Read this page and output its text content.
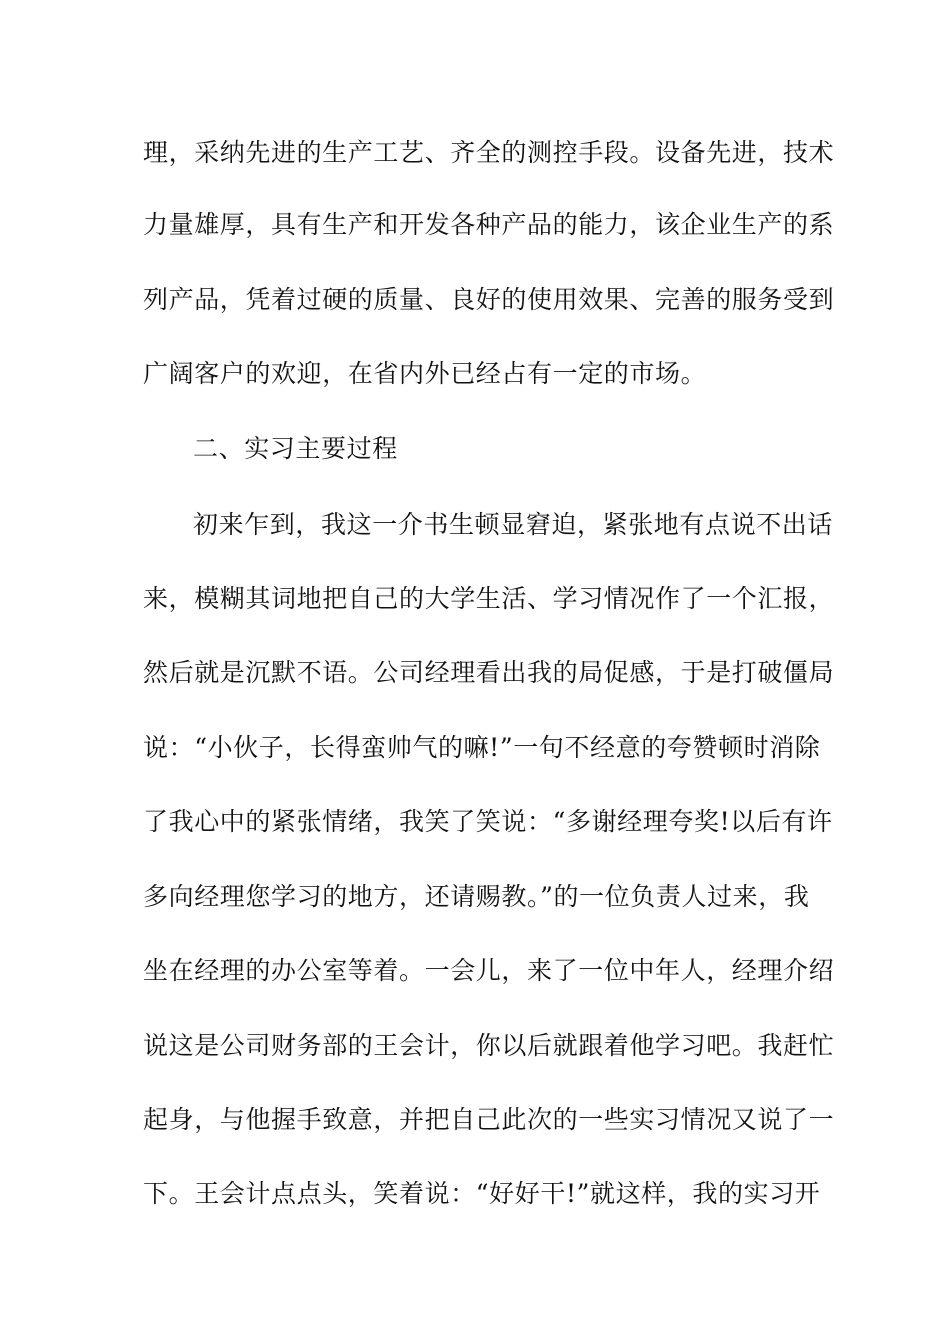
理，采纳先进的生产工艺、齐全的测控手段。设备先进，技术
力量雄厚，具有生产和开发各种产品的能力，该企业生产的系
列产品，凭着过硬的质量、良好的使用效果、完善的服务受到
广阔客户的欢迎，在省内外已经占有一定的市场。
二、实习主要过程
初来乍到，我这一介书生顿显窘迫，紧张地有点说不出话
来，模糊其词地把自己的大学生活、学习情况作了一个汇报，
然后就是沉默不语。公司经理看出我的局促感，于是打破僵局
说：“小伙子，长得蛮帅气的嘛!”一句不经意的夸赞顿时消除
了我心中的紧张情绪，我笑了笑说：“多谢经理夸奖!以后有许
多向经理您学习的地方，还请赐教。”的一位负责人过来，我
坐在经理的办公室等着。一会儿，来了一位中年人，经理介绍
说这是公司财务部的王会计，你以后就跟着他学习吧。我赶忙
起身，与他握手致意，并把自己此次的一些实习情况又说了一
下。王会计点点头，笑着说：“好好干!”就这样，我的实习开
